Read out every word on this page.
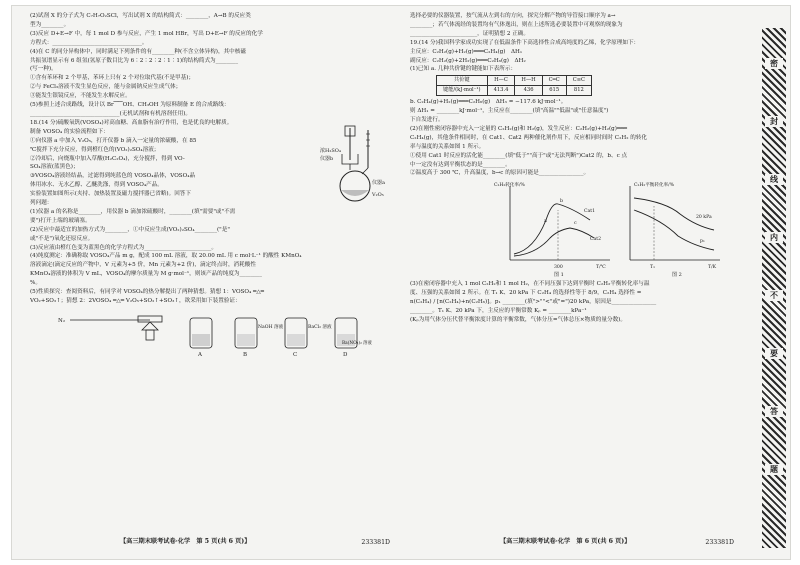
(2)试剂 X 的分子式为 C₇H₇O₂SCl，写出试剂 X 的结构简式：________，A→B 的反应类
型为________。
(3)反应 D+E→F 中，每 1 mol D 参与反应，产生 1 mol HBr，写出 D+E→F 的反应的化学
方程式：________________________________。
(4)在 C 的同分异构体中，同时满足下列条件的有________种(不含立体异构)，其中核磁
共振氢谱显示有 6 组氢(氢原子数目比为 6∶2∶2∶2∶1∶1)的结构简式为________
(写一种)。
①含有苯环和 2 个甲基，苯环上只有 2 个对位取代基(不是甲基)；
②与 FeCl₃溶液不发生显色反应，能与金属钠反应生成气体；
③能发生银镜反应，不能发生水解反应。
(5)参照上述合成路线，设计以 Br⁀⁀OH、CH₃OH 为原料制备 E 的合成路线：
________________________________(无机试剂和有机溶剂任用)。
18.(14 分)硫酸氧钒(VOSO₄)对高血糖、高血脂有治疗作用，也是优良的电解质。
制备 VOSO₄ 的实验流程如下：
①向仪器 a 中加入 V₂O₅，打开仪器 b 滴入一定量的浓硫酸，在 85
℃搅拌下充分反应，得到橙红色的(VO₂)₂SO₄溶液；
②冷却后，向烧瓶中加入草酸(H₂C₂O₄)，充分搅拌，得到 VO-
SO₄溶液(蓝黑色)；
③VOSO₄溶液经结晶，过滤得到纯蓝色的 VOSO₄晶体，VOSO₄晶
体用冰水、无水乙醇、乙醚洗涤，得到 VOSO₄产品。
实验装置如图所示(夹持、加热装置及磁力搅拌器已省略)。回答下
列问题：
(1)仪器 a 的名称是________，用仪器 b 滴加浓硫酸时，________(填"需要"或"不需
要")打开上端的玻璃塞。
(2)反应中最适宜的加热方式为________，①中反应生成(VO₂)₂SO₄________("是"
或"不是")氧化还原反应。
(3)反应液由橙红色变为蓝黑色的化学方程式为________________________。
(4)纯度测定：准确称取 VOSO₄产品 m g，配成 100 mL 溶液，取 20.00 mL 用 c mol·L⁻¹ 的酸性 KMnO₄
溶液滴定(滴定反应的产物中，V 元素为+5 价，Mn 元素为+2 价)，滴定终点时，消耗酸性
KMnO₄溶液的体积为 V mL，VOSO₄的摩尔质量为 M g·mol⁻¹，则该产品的纯度为________
%。
(5)性质探究：查阅资料后，有同学对 VOSO₄的热分解提出了两种猜想。猜想 1：VOSO₄ ═△═
VO₂+SO₃↑；猜想 2：2VOSO₄ ═△═ V₂O₅+SO₂↑+SO₃↑，欲采用如下装置验证：
仪器b
浓H₂SO₄
仪器a
V₂O₅
N₂
A
NaOH 溶液
B
BaCl₂ 溶液
C
Ba(NO₃)₂ 溶液
D
【高三期末联考试卷·化学　第 5 页(共 6 页)】	233381D
选择必要的仪器装置，按气流从左到右的方向，探究分解产物的导管接口顺序为 a→
________；若气体流经的装置均有气体逸出，则在上述所选必要装置中可观察的现象为
________________________，证明猜想 2 正确。
19.(14 分)我国科学家成功实现了在低温条件下高选择性合成高纯度的乙烯，化学原理如下：
主反应：C₂H₂(g)+H₂(g)═══C₂H₄(g)　ΔH₁
副反应：C₂H₂(g)+2H₂(g)═══C₂H₆(g)　ΔH₂
(1)已知 a. 几种共价键的键能如下表所示：
共价键	H—C	H—H	C═C	C≡C
键能/(kJ·mol⁻¹)	413.4	436	615	812
b. C₂H₄(g)+H₂(g)═══C₂H₆(g)　ΔH₃ = −117.6 kJ·mol⁻¹。
则 ΔH₁ = ________kJ·mol⁻¹，主反应在________(填"高温""低温"或"任意温度")
下自发进行。
(2)在刚性密闭容器中充入一定量的 C₂H₂(g)和 H₂(g)，发生反应：C₂H₂(g)+H₂(g)═══
C₂H₄(g)，其他条件相同时，在 Cat1、Cat2 两种催化剂作用下，反应相同时间时 C₂H₂ 的转化
率与温度的关系如图 1 所示。
①使用 Cat1 时反应的活化能________(填"低于""高于"或"无法判断")Cat2 的，b、c 点
中一定没有达到平衡状态的是________。
②温度高于 300 ℃，升高温度，b→c 的原因可能是________________。
C₂H₂转化率/%
T/℃
300
a
b
c
Cat1
Cat2
图 1
C₂H₂平衡转化率/%
T/K
T₁
20 kPa
p₁
图 2
(3)在密闭容器中充入 1 mol C₂H₂和 1 mol H₂，在不同压强下达到平衡时 C₂H₂平衡转化率与温
度、压强的关系如图 2 所示。在 T₁ K、20 kPa 下 C₂H₄ 的选择性等于 8/9，C₂H₄ 选择性 =
n(C₂H₄) / [n(C₂H₄)+n(C₂H₆)]。p₁ ________(填">""<"或"=")20 kPa，原因是________________
________。T₁ K、20 kPa 下，主反应的平衡常数 Kₚ = ________kPa⁻¹
(Kₚ为用气体分压代替平衡浓度计算的平衡常数，气体分压=气体总压×物质的量分数)。
【高三期末联考试卷·化学　第 6 页(共 6 页)】	233381D
密
封
线
内
不
要
答
题
